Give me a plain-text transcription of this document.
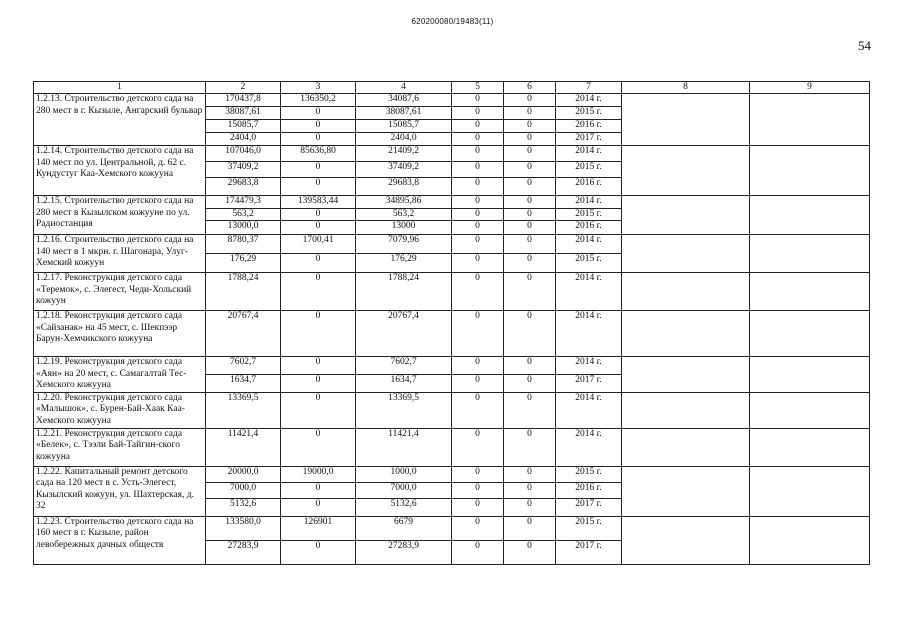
620200080/19483(11)
54
1	2	3	4	5	6	7	8	9
1.2.13. Строительство детского сада на 280 мест в г. Кызыле, Ангарский бульвар	170437,8	136350,2	34087,6	0	0	2014 г.		
	38087,61	0	38087,61	0	0	2015 г.		
	15085,7	0	15085,7	0	0	2016 г.		
	2404,0	0	2404,0	0	0	2017 г.		
1.2.14. Строительство детского сада на 140 мест по ул. Центральной, д. 62 с. Кундустуг Каа-Хемского кожууна	107046,0	85636,80	21409,2	0	0	2014 г.		
	37409,2	0	37409,2	0	0	2015 г.		
	29683,8	0	29683,8	0	0	2016 г.		
1.2.15. Строительство детского сада на 280 мест в Кызылском кожууне по ул. Радиостанция	174479,3	139583,44	34895,86	0	0	2014 г.		
	563,2	0	563,2	0	0	2015 г.		
	13000,0	0	13000	0	0	2016 г.		
1.2.16. Строительство детского сада на 140 мест в 1 мкрн. г. Шагонара, Улуг-Хемский кожуун	8780,37	1700,41	7079,96	0	0	2014 г.		
	176,29	0	176,29	0	0	2015 г.		
1.2.17. Реконструкция детского сада «Теремок», с. Элегест, Чеди-Хольский кожуун	1788,24	0	1788,24	0	0	2014 г.		
1.2.18. Реконструкция детского сада «Сайзанак» на 45 мест, с. Шекпээр Барун-Хемчикского кожууна	20767,4	0	20767,4	0	0	2014 г.		
1.2.19. Реконструкция детского сада «Аян» на 20 мест, с. Самагалтай Тес-Хемского кожууна	7602,7	0	7602,7	0	0	2014 г.		
	1634,7	0	1634,7	0	0	2017 г.		
1.2.20. Реконструкция детского сада «Малышок», с. Бурен-Бай-Хаак Каа-Хемского кожууна	13369,5	0	13369,5	0	0	2014 г.		
1.2.21. Реконструкция детского сада «Белек», с. Тээли Бай-Тайгин-ского кожууна	11421,4	0	11421,4	0	0	2014 г.		
1.2.22. Капитальный ремонт детского сада на 120 мест в с. Усть-Элегест, Кызылский кожуун, ул. Шахтерская, д. 32	20000,0	19000,0	1000,0	0	0	2015 г.		
	7000,0	0	7000,0	0	0	2016 г.		
	5132,6	0	5132,6	0	0	2017 г.		
1.2.23. Строительство детского сада на 160 мест в г. Кызыле, район левобережных дачных обществ	133580,0	126901	6679	0	0	2015 г.		
	27283,9	0	27283,9	0	0	2017 г.		
